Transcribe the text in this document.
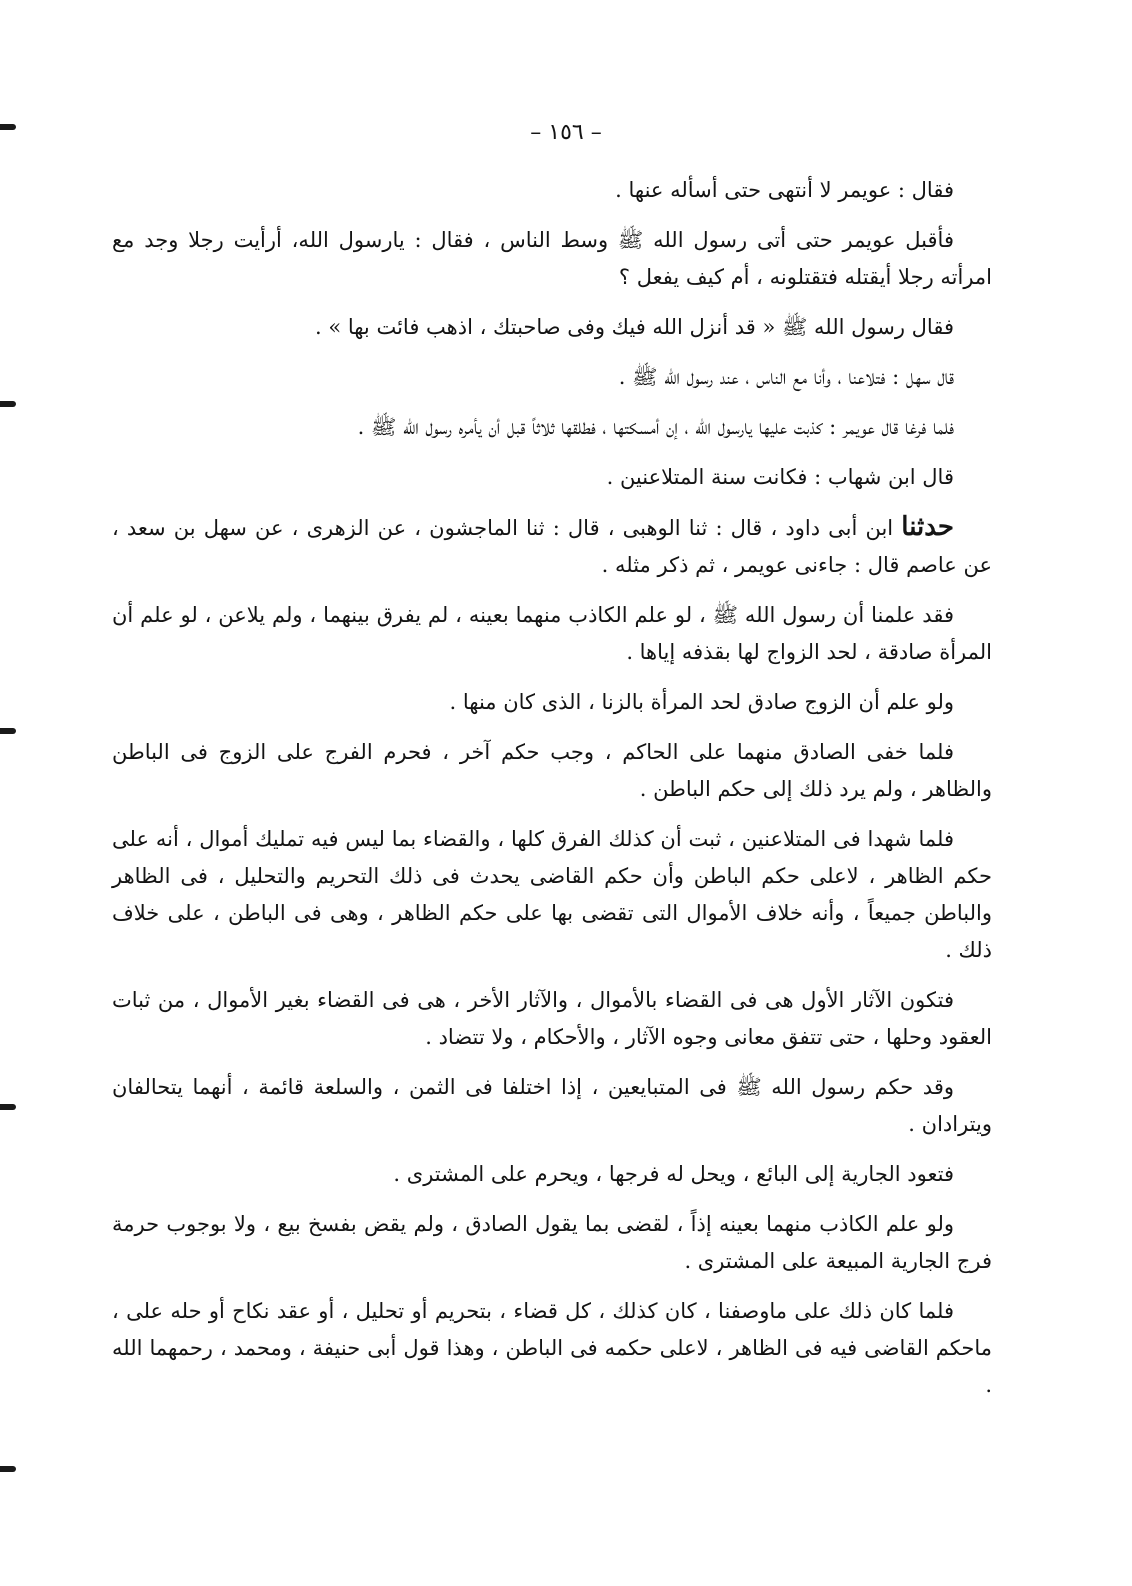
– ١٥٦ –

فقال : عويمر لا أنتهى حتى أسأله عنها .

فأقبل عويمر حتى أتى رسول الله ﷺ وسط الناس ، فقال : يارسول الله، أرأيت رجلا وجد مع امرأته رجلا أيقتله فتقتلونه ، أم كيف يفعل ؟

فقال رسول الله ﷺ « قد أنزل الله فيك وفى صاحبتك ، اذهب فائت بها » .

قال سهل : فتلاعنا ، وأنا مع الناس ، عند رسول الله ﷺ .

فلما فرغا قال عويمر : كذبت عليها يارسول الله ، إن أمسكتها ، فطلقها ثلاثاً قبل أن يأمره رسول الله ﷺ .

قال ابن شهاب : فكانت سنة المتلاعنين .

حدثنا ابن أبى داود ، قال : ثنا الوهبى ، قال : ثنا الماجشون ، عن الزهرى ، عن سهل بن سعد ، عن عاصم قال : جاءنى عويمر ، ثم ذكر مثله .

فقد علمنا أن رسول الله ﷺ ، لو علم الكاذب منهما بعينه ، لم يفرق بينهما ، ولم يلاعن ، لو علم أن المرأة صادقة ، لحد الزواج لها بقذفه إياها .

ولو علم أن الزوج صادق لحد المرأة بالزنا ، الذى كان منها .

فلما خفى الصادق منهما على الحاكم ، وجب حكم آخر ، فحرم الفرج على الزوج فى الباطن والظاهر ، ولم يرد ذلك إلى حكم الباطن .

فلما شهدا فى المتلاعنين ، ثبت أن كذلك الفرق كلها ، والقضاء بما ليس فيه تمليك أموال ، أنه على حكم الظاهر ، لاعلى حكم الباطن وأن حكم القاضى يحدث فى ذلك التحريم والتحليل ، فى الظاهر والباطن جميعاً ، وأنه خلاف الأموال التى تقضى بها على حكم الظاهر ، وهى فى الباطن ، على خلاف ذلك .

فتكون الآثار الأول هى فى القضاء بالأموال ، والآثار الأخر ، هى فى القضاء بغير الأموال ، من ثبات العقود وحلها ، حتى تتفق معانى وجوه الآثار ، والأحكام ، ولا تتضاد .

وقد حكم رسول الله ﷺ فى المتبايعين ، إذا اختلفا فى الثمن ، والسلعة قائمة ، أنهما يتحالفان ويترادان .

فتعود الجارية إلى البائع ، ويحل له فرجها ، ويحرم على المشترى .

ولو علم الكاذب منهما بعينه إذاً ، لقضى بما يقول الصادق ، ولم يقض بفسخ بيع ، ولا بوجوب حرمة فرج الجارية المبيعة على المشترى .

فلما كان ذلك على ماوصفنا ، كان كذلك ، كل قضاء ، بتحريم أو تحليل ، أو عقد نكاح أو حله على ، ماحكم القاضى فيه فى الظاهر ، لاعلى حكمه فى الباطن ، وهذا قول أبى حنيفة ، ومحمد ، رحمهما الله .
